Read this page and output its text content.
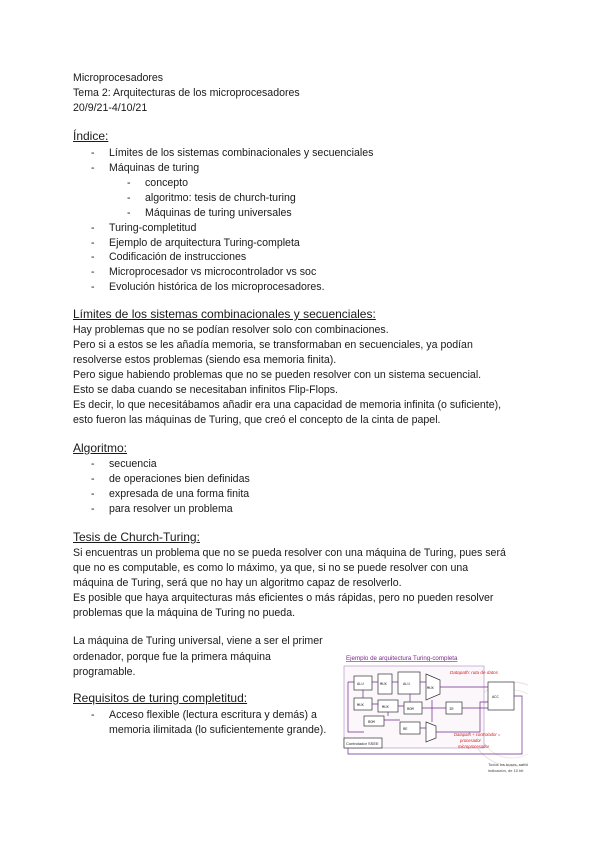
Microprocesadores
Tema 2: Arquitecturas de los microprocesadores
20/9/21-4/10/21
Índice:
- Límites de los sistemas combinacionales y secuenciales
- Máquinas de turing
- concepto
- algoritmo: tesis de church-turing
- Máquinas de turing universales
- Turing-completitud
- Ejemplo de arquitectura Turing-completa
- Codificación de instrucciones
- Microprocesador vs microcontrolador vs soc
- Evolución histórica de los microprocesadores.
Límites de los sistemas combinacionales y secuenciales:
Hay problemas que no se podían resolver solo con combinaciones.
Pero si a estos se les añadía memoria, se transformaban en secuenciales, ya podían
resolverse estos problemas (siendo esa memoria finita).
Pero sigue habiendo problemas que no se pueden resolver con un sistema secuencial.
Esto se daba cuando se necesitaban infinitos Flip-Flops.
Es decir, lo que necesitábamos añadir era una capacidad de memoria infinita (o suficiente),
esto fueron las máquinas de Turing, que creó el concepto de la cinta de papel.
Algoritmo:
- secuencia
- de operaciones bien definidas
- expresada de una forma finita
- para resolver un problema
Tesis de Church-Turing:
Si encuentras un problema que no se pueda resolver con una máquina de Turing, pues será
que no es computable, es como lo máximo, ya que, si no se puede resolver con una
máquina de Turing, será que no hay un algoritmo capaz de resolverlo.
Es posible que haya arquitecturas más eficientes o más rápidas, pero no pueden resolver
problemas que la máquina de Turing no pueda.
La máquina de Turing universal, viene a ser el primer
ordenador, porque fue la primera máquina
programable.
Requisitos de turing completitud:
- Acceso flexible (lectura escritura y demás) a
memoria ilimitada (lo suficientemente grande).
Ejemplo de arquitectura Turing-completa
ALU	MUX	ALU
MUX
MUX	MUX	ROM
ROM
RE
IR
ACC
Controlador SSEE
Datapath: ruta de datos
Datapath + controlador =
procesador
microprocesador
Todos los buses, salvo
indicación, de 10 bit
